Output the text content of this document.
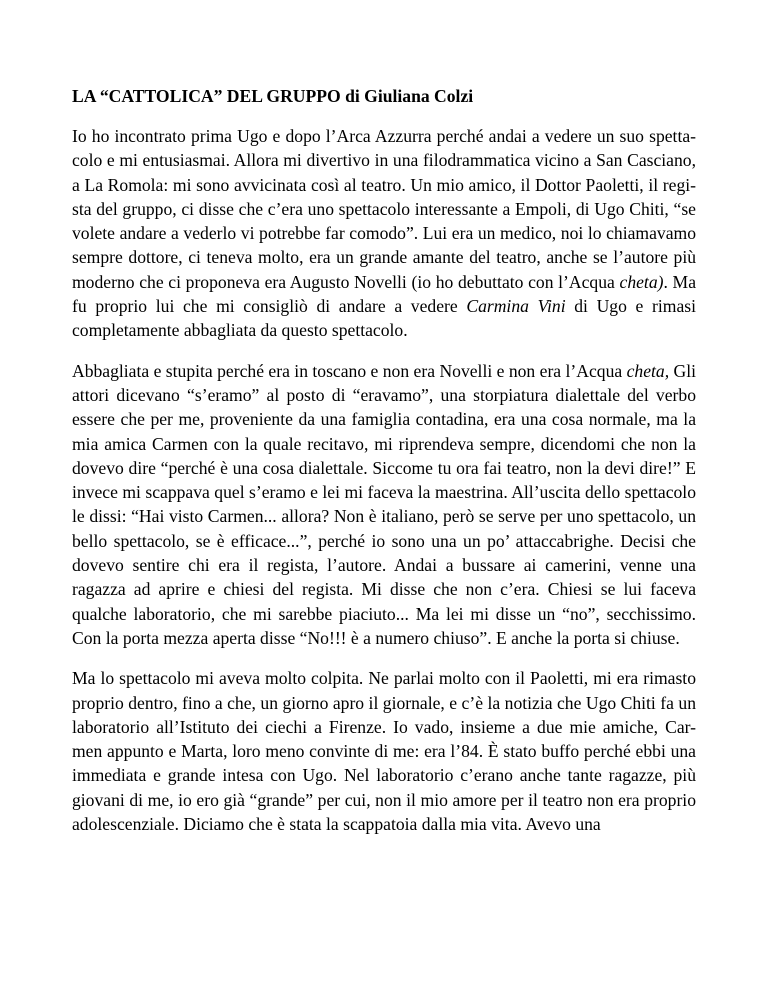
LA “CATTOLICA” DEL GRUPPO di Giuliana Colzi

Io ho incontrato prima Ugo e dopo l’Arca Azzurra perché andai a vedere un suo spetta- colo e mi entusiasmai. Allora mi divertivo in una filodrammatica vicino a San Casciano, a La Romola: mi sono avvicinata così al teatro. Un mio amico, il Dottor Paoletti, il regi- sta del gruppo, ci disse che c’era uno spettacolo interessante a Empoli, di Ugo Chiti, “se volete andare a vederlo vi potrebbe far comodo”. Lui era un medico, noi lo chiamavamo sempre dottore, ci teneva molto, era un grande amante del teatro, anche se l’autore più moderno che ci proponeva era Augusto Novelli (io ho debuttato con l’Acqua cheta). Ma fu proprio lui che mi consigliò di andare a vedere Carmina Vini di Ugo e rimasi completamente abbagliata da questo spettacolo.

Abbagliata e stupita perché era in toscano e non era Novelli e non era l’Acqua cheta, Gli attori dicevano “s’eramo” al posto di “eravamo”, una storpiatura dialettale del verbo essere che per me, proveniente da una famiglia contadina, era una cosa normale, ma la mia amica Carmen con la quale recitavo, mi riprendeva sempre, dicendomi che non la dovevo dire “perché è una cosa dialettale. Siccome tu ora fai teatro, non la devi dire!” E invece mi scappava quel s’eramo e lei mi faceva la maestrina. All’uscita dello spettacolo le dissi: “Hai visto Carmen... allora? Non è italiano, però se serve per uno spettacolo, un bello spettacolo, se è efficace...”, perché io sono una un po’ attaccabrighe. Decisi che dovevo sentire chi era il regista, l’autore. Andai a bussare ai camerini, venne una ragazza ad aprire e chiesi del regista. Mi disse che non c’era. Chiesi se lui faceva qualche laboratorio, che mi sarebbe piaciuto... Ma lei mi disse un “no”, secchissimo. Con la porta mezza aperta disse “No!!! è a numero chiuso”. E anche la porta si chiuse.

Ma lo spettacolo mi aveva molto colpita. Ne parlai molto con il Paoletti, mi era rimasto proprio dentro, fino a che, un giorno apro il giornale, e c’è la notizia che Ugo Chiti fa un laboratorio all’Istituto dei ciechi a Firenze. Io vado, insieme a due mie amiche, Car- men appunto e Marta, loro meno convinte di me: era l’84. È stato buffo perché ebbi una immediata e grande intesa con Ugo. Nel laboratorio c’erano anche tante ragazze, più giovani di me, io ero già “grande” per cui, non il mio amore per il teatro non era proprio adolescenziale. Diciamo che è stata la scappatoia dalla mia vita. Avevo una
